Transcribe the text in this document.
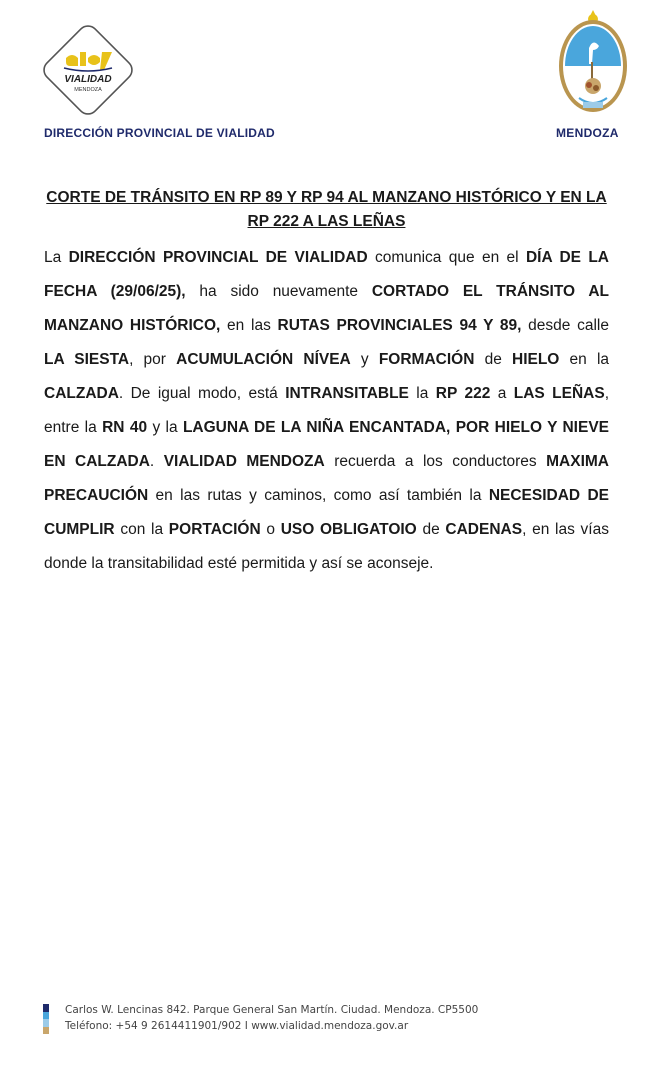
VIALIDAD
MENDOZA
DIRECCIÓN PROVINCIAL DE VIALIDAD	MENDOZA
CORTE DE TRÁNSITO EN RP 89 Y RP 94 AL MANZANO HISTÓRICO Y EN LA RP 222 A LAS LEÑAS

La DIRECCIÓN PROVINCIAL DE VIALIDAD comunica que en el DÍA DE LA FECHA (29/06/25), ha sido nuevamente CORTADO EL TRÁNSITO AL MANZANO HISTÓRICO, en las RUTAS PROVINCIALES 94 Y 89, desde calle LA SIESTA, por ACUMULACIÓN NÍVEA y FORMACIÓN de HIELO en la CALZADA. De igual modo, está INTRANSITABLE la RP 222 a LAS LEÑAS, entre la RN 40 y la LAGUNA DE LA NIÑA ENCANTADA, POR HIELO Y NIEVE EN CALZADA. VIALIDAD MENDOZA recuerda a los conductores MAXIMA PRECAUCIÓN en las rutas y caminos, como así también la NECESIDAD DE CUMPLIR con la PORTACIÓN o USO OBLIGATOIO de CADENAS, en las vías donde la transitabilidad esté permitida y así se aconseje.

Carlos W. Lencinas 842. Parque General San Martín. Ciudad. Mendoza. CP5500
Teléfono: +54 9 2614411901/902 I www.vialidad.mendoza.gov.ar
